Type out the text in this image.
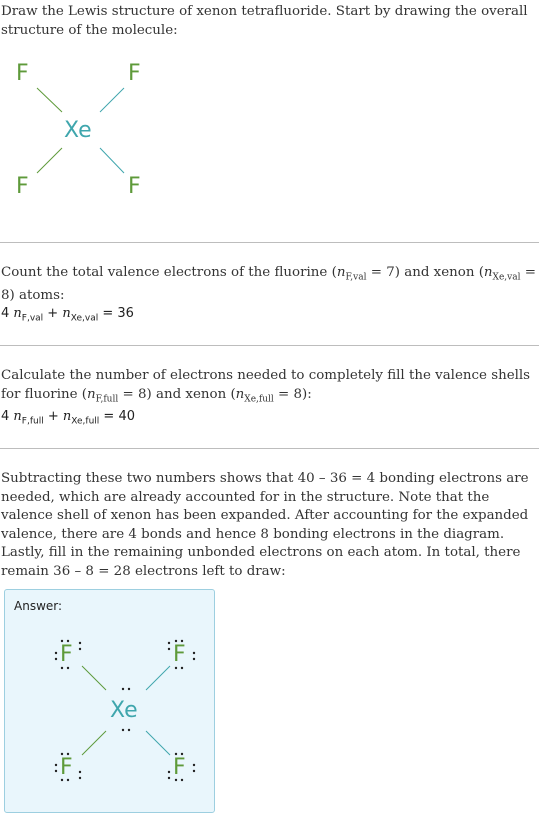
Draw the Lewis structure of xenon tetrafluoride. Start by drawing the overall structure of the molecule:

F	F
Xe
F	F

Count the total valence electrons of the fluorine $(n_{F,val} = 7)$ and xenon $(n_{Xe,val} = 8)$ atoms:

4 $n_{F,val} + n_{Xe,val} = 36$

Calculate the number of electrons needed to completely fill the valence shells for fluorine $(n_{F,full} = 8)$ and xenon $(n_{Xe,full} = 8)$:

4 $n_{F,full} + n_{Xe,full} = 40$

Subtracting these two numbers shows that 40 – 36 = 4 bonding electrons are needed, which are already accounted for in the structure. Note that the valence shell of xenon has been expanded. After accounting for the expanded valence, there are 4 bonds and hence 8 bonding electrons in the diagram. Lastly, fill in the remaining unbonded electrons on each atom. In total, there remain 36 – 8 = 28 electrons left to draw:

Answer:
F	F
Xe
F	F
